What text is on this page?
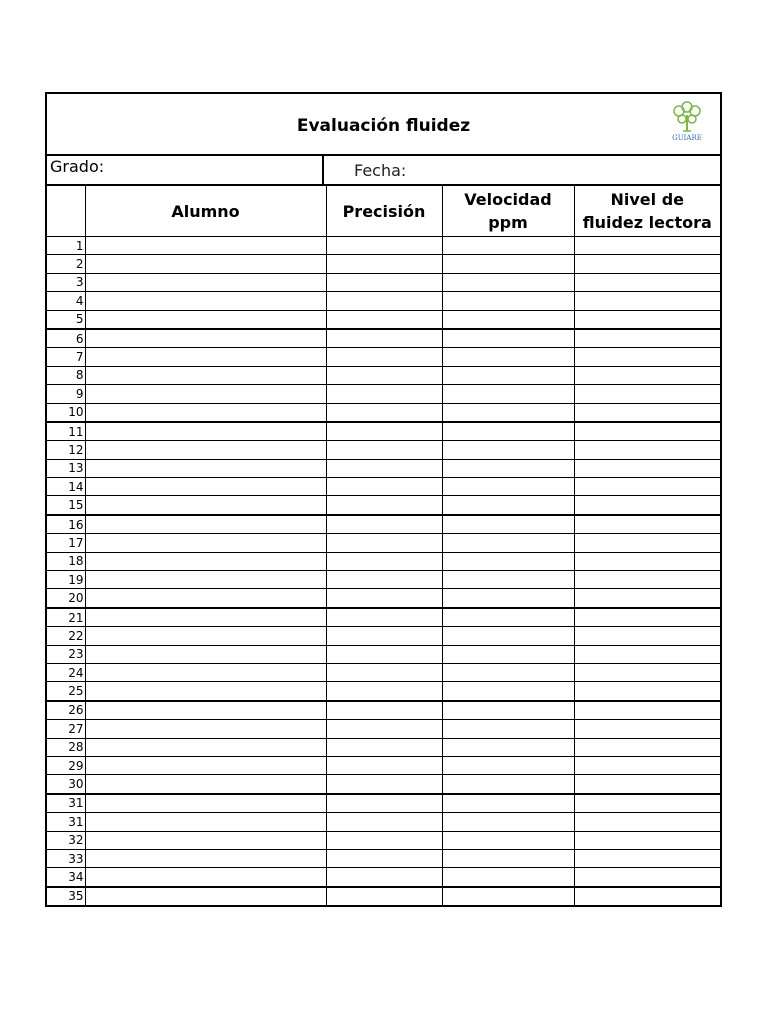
Evaluación fluidez
GUIARE
Grado:	Fecha:
	Alumno	Precisión	Velocidad ppm	Nivel de fluidez lectora
1				
2				
3				
4				
5				
6				
7				
8				
9				
10				
11				
12				
13				
14				
15				
16				
17				
18				
19				
20				
21				
22				
23				
24				
25				
26				
27				
28				
29				
30				
31				
31				
32				
33				
34				
35				
